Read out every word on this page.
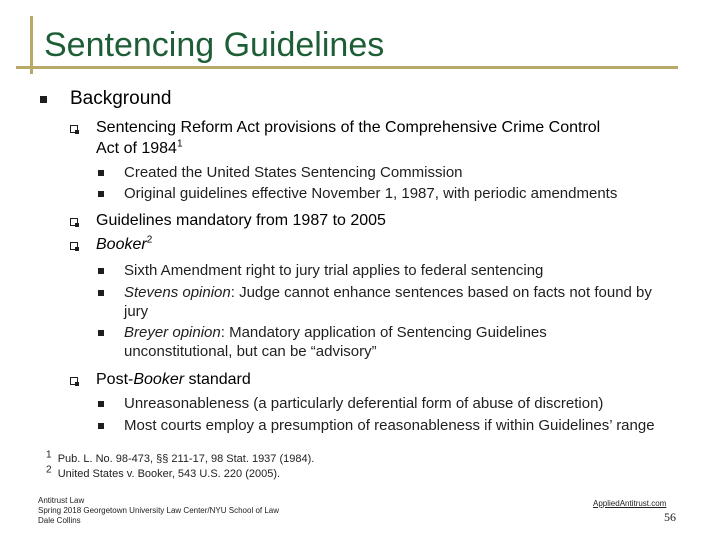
Sentencing Guidelines
Background
Sentencing Reform Act provisions of the Comprehensive Crime Control
Act of 1984$^1$
Created the United States Sentencing Commission
Original guidelines effective November 1, 1987, with periodic amendments
Guidelines mandatory from 1987 to 2005
Booker$^2$
Sixth Amendment right to jury trial applies to federal sentencing
Stevens opinion: Judge cannot enhance sentences based on facts not found by
jury
Breyer opinion: Mandatory application of Sentencing Guidelines
unconstitutional, but can be “advisory”
Post-Booker standard
Unreasonableness (a particularly deferential form of abuse of discretion)
Most courts employ a presumption of reasonableness if within Guidelines’ range
$^1$ Pub. L. No. 98-473, §§ 211-17, 98 Stat. 1937 (1984).
$^2$ United States v. Booker, 543 U.S. 220 (2005).
Antitrust Law
Spring 2018 Georgetown University Law Center/NYU School of Law
Dale Collins
AppliedAntitrust.com
56
